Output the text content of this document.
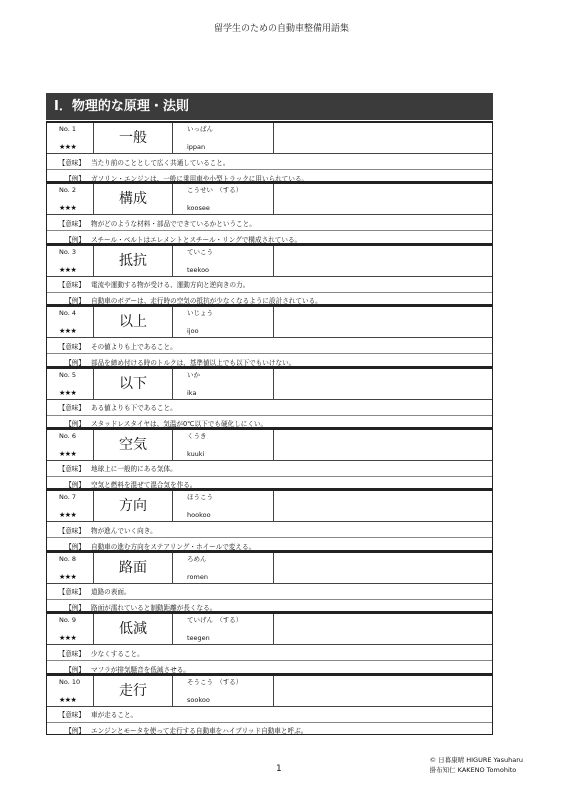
留学生のための自動車整備用語集
Ⅰ．物理的な原理・法則
No. 1
★★★
一般
いっぱん
ippan
【意味】 当たり前のこととして広く共通していること。
【例】 ガソリン・エンジンは、一般に乗用車や小型トラックに用いられている。
No. 2
★★★
構成
こうせい　（する）
koosee
【意味】 物がどのような材料・部品でできているかということ。
【例】 スチール・ベルトはエレメントとスチール・リングで構成されている。
No. 3
★★★
抵抗
ていこう
teekoo
【意味】 電流や運動する物が受ける、運動方向と逆向きの力。
【例】 自動車のボデーは、走行時の空気の抵抗が少なくなるように設計されている。
No. 4
★★★
以上
いじょう
ijoo
【意味】 その値よりも上であること。
【例】 部品を締め付ける時のトルクは、基準値以上でも以下でもいけない。
No. 5
★★★
以下
いか
ika
【意味】 ある値よりも下であること。
【例】 スタッドレスタイヤは、気温が0℃以下でも硬化しにくい。
No. 6
★★★
空気
くうき
kuuki
【意味】 地球上に一般的にある気体。
【例】 空気と燃料を混ぜて混合気を作る。
No. 7
★★★
方向
ほうこう
hookoo
【意味】 物が進んでいく向き。
【例】 自動車の進む方向をステアリング・ホイールで変える。
No. 8
★★★
路面
ろめん
romen
【意味】 道路の表面。
【例】 路面が濡れていると制動距離が長くなる。
No. 9
★★★
低減
ていげん　（する）
teegen
【意味】 少なくすること。
【例】 マフラが排気騒音を低減させる。
No. 10
★★★
走行
そうこう　（する）
sookoo
【意味】 車が走ること。
【例】 エンジンとモータを使って走行する自動車をハイブリッド自動車と呼ぶ。
1
© 日暮康晴 HIGURE Yasuharu
掛布知仁 KAKENO Tomohito
